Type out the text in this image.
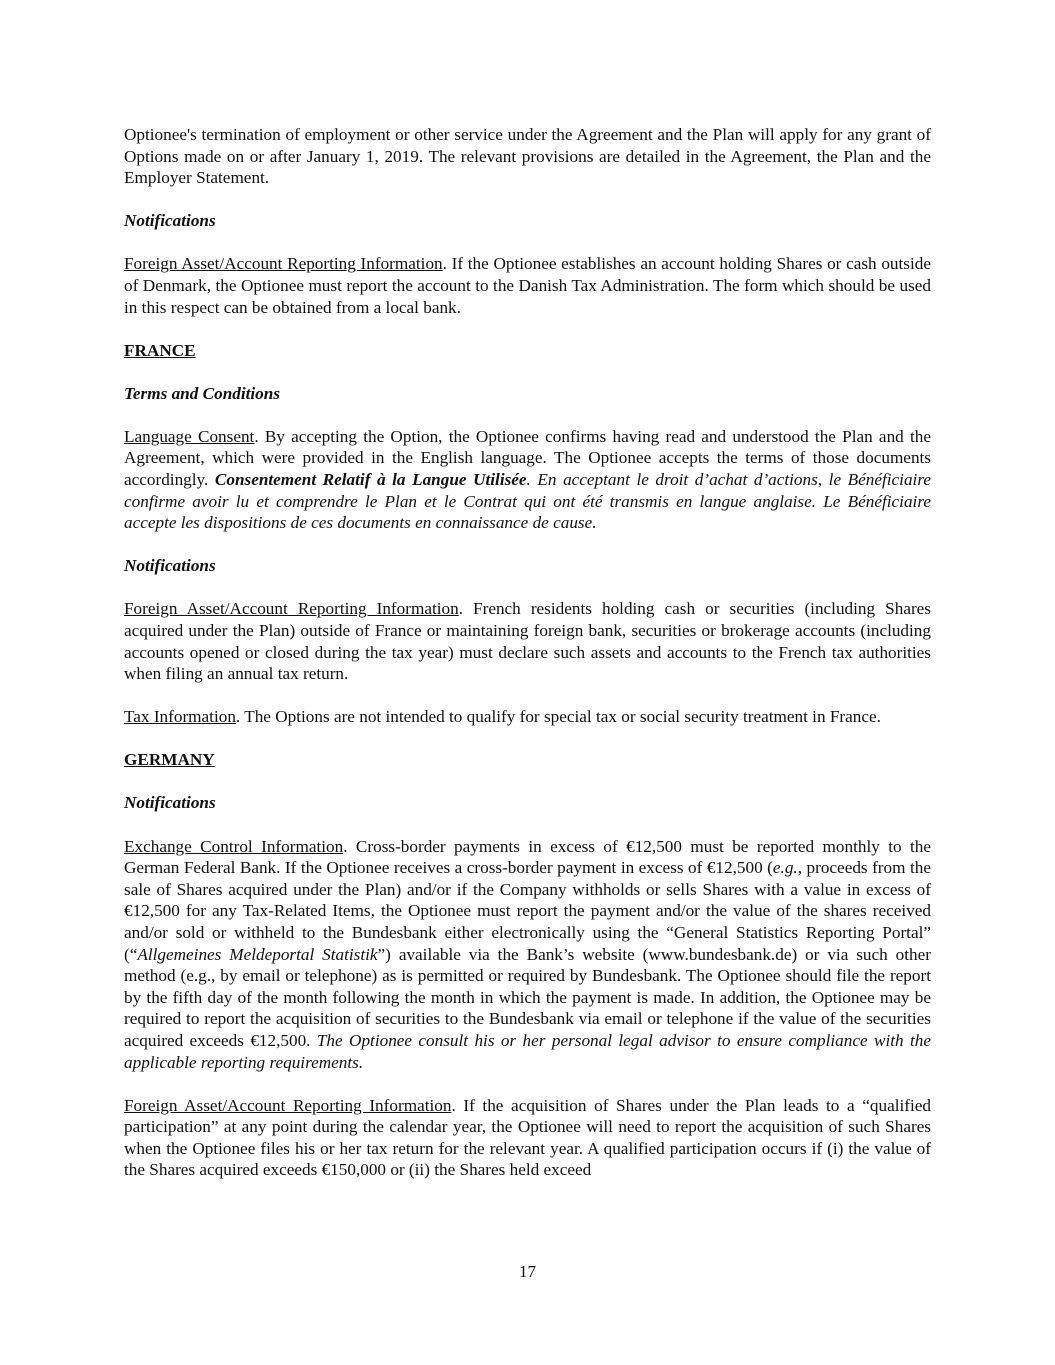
Optionee's termination of employment or other service under the Agreement and the Plan will apply for any grant of Options made on or after January 1, 2019. The relevant provisions are detailed in the Agreement, the Plan and the Employer Statement.

Notifications

Foreign Asset/Account Reporting Information. If the Optionee establishes an account holding Shares or cash outside of Denmark, the Optionee must report the account to the Danish Tax Administration. The form which should be used in this respect can be obtained from a local bank.

FRANCE

Terms and Conditions

Language Consent. By accepting the Option, the Optionee confirms having read and understood the Plan and the Agreement, which were provided in the English language. The Optionee accepts the terms of those documents accordingly. Consentement Relatif à la Langue Utilisée. En acceptant le droit d’achat d’actions, le Bénéficiaire confirme avoir lu et comprendre le Plan et le Contrat qui ont été transmis en langue anglaise. Le Bénéficiaire accepte les dispositions de ces documents en connaissance de cause.

Notifications

Foreign Asset/Account Reporting Information. French residents holding cash or securities (including Shares acquired under the Plan) outside of France or maintaining foreign bank, securities or brokerage accounts (including accounts opened or closed during the tax year) must declare such assets and accounts to the French tax authorities when filing an annual tax return.

Tax Information. The Options are not intended to qualify for special tax or social security treatment in France.

GERMANY

Notifications

Exchange Control Information. Cross-border payments in excess of €12,500 must be reported monthly to the German Federal Bank. If the Optionee receives a cross-border payment in excess of €12,500 (e.g., proceeds from the sale of Shares acquired under the Plan) and/or if the Company withholds or sells Shares with a value in excess of €12,500 for any Tax-Related Items, the Optionee must report the payment and/or the value of the shares received and/or sold or withheld to the Bundesbank either electronically using the “General Statistics Reporting Portal” (“Allgemeines Meldeportal Statistik”) available via the Bank’s website (www.bundesbank.de) or via such other method (e.g., by email or telephone) as is permitted or required by Bundesbank. The Optionee should file the report by the fifth day of the month following the month in which the payment is made. In addition, the Optionee may be required to report the acquisition of securities to the Bundesbank via email or telephone if the value of the securities acquired exceeds €12,500. The Optionee consult his or her personal legal advisor to ensure compliance with the applicable reporting requirements.

Foreign Asset/Account Reporting Information. If the acquisition of Shares under the Plan leads to a “qualified participation” at any point during the calendar year, the Optionee will need to report the acquisition of such Shares when the Optionee files his or her tax return for the relevant year. A qualified participation occurs if (i) the value of the Shares acquired exceeds €150,000 or (ii) the Shares held exceed

17
